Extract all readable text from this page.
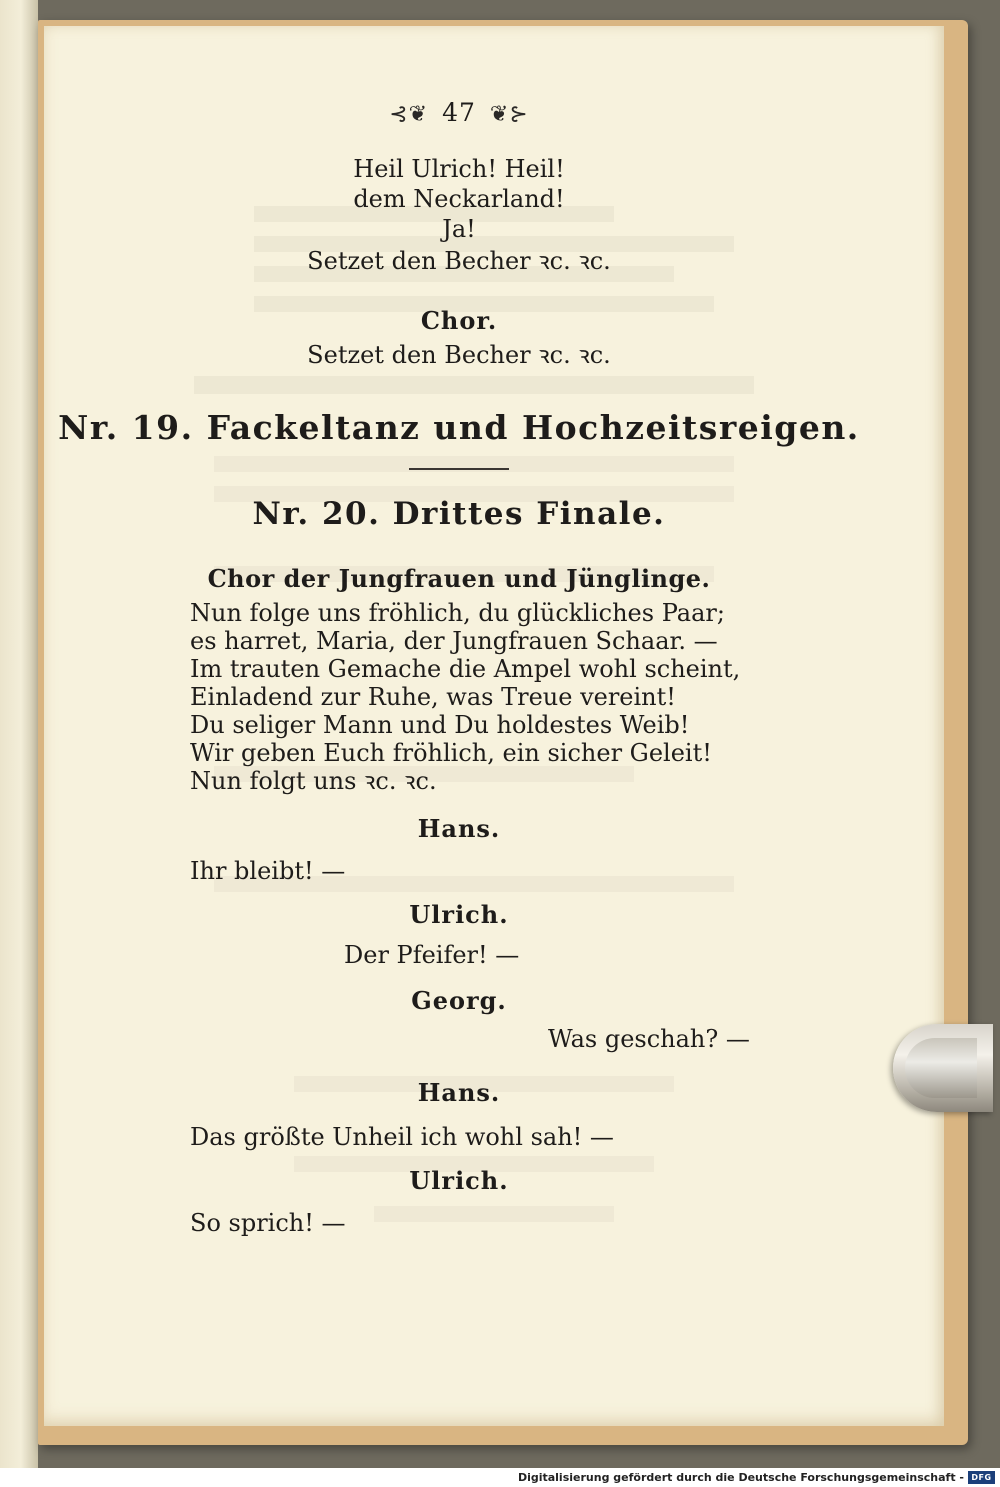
⊰❦ 47 ❦⊱
Heil Ulrich! Heil!
dem Neckarland!
Ja!
Setzet den Becher ꝛc. ꝛc.
Chor.
Setzet den Becher ꝛc. ꝛc.
Nr. 19. Fackeltanz und Hochzeitsreigen.
Nr. 20. Drittes Finale.
Chor der Jungfrauen und Jünglinge.
Nun folge uns fröhlich, du glückliches Paar;
es harret, Maria, der Jungfrauen Schaar. —
Im trauten Gemache die Ampel wohl scheint,
Einladend zur Ruhe, was Treue vereint!
Du seliger Mann und Du holdestes Weib!
Wir geben Euch fröhlich, ein sicher Geleit!
Nun folgt uns ꝛc. ꝛc.
Hans.
Ihr bleibt! —
Ulrich.
Der Pfeifer! —
Georg.
Was geschah? —
Hans.
Das größte Unheil ich wohl sah! —
Ulrich.
So sprich! —
Digitalisierung gefördert durch die Deutsche Forschungsgemeinschaft - DFG
